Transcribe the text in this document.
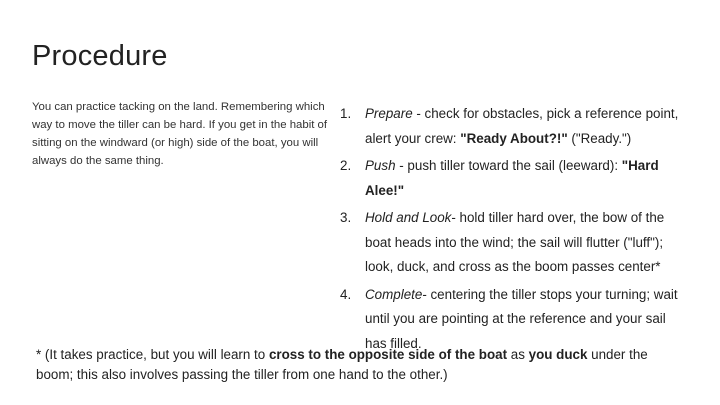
Procedure

You can practice tacking on the land. Remembering which way to move the tiller can be hard. If you get in the habit of sitting on the windward (or high) side of the boat, you will always do the same thing.

1. Prepare - check for obstacles, pick a reference point, alert your crew: "Ready About?!" ("Ready.")
2. Push - push tiller toward the sail (leeward): "Hard Alee!"
3. Hold and Look- hold tiller hard over, the bow of the boat heads into the wind; the sail will flutter ("luff"); look, duck, and cross as the boom passes center*
4. Complete- centering the tiller stops your turning; wait until you are pointing at the reference and your sail has filled.

* (It takes practice, but you will learn to cross to the opposite side of the boat as you duck under the boom; this also involves passing the tiller from one hand to the other.)
